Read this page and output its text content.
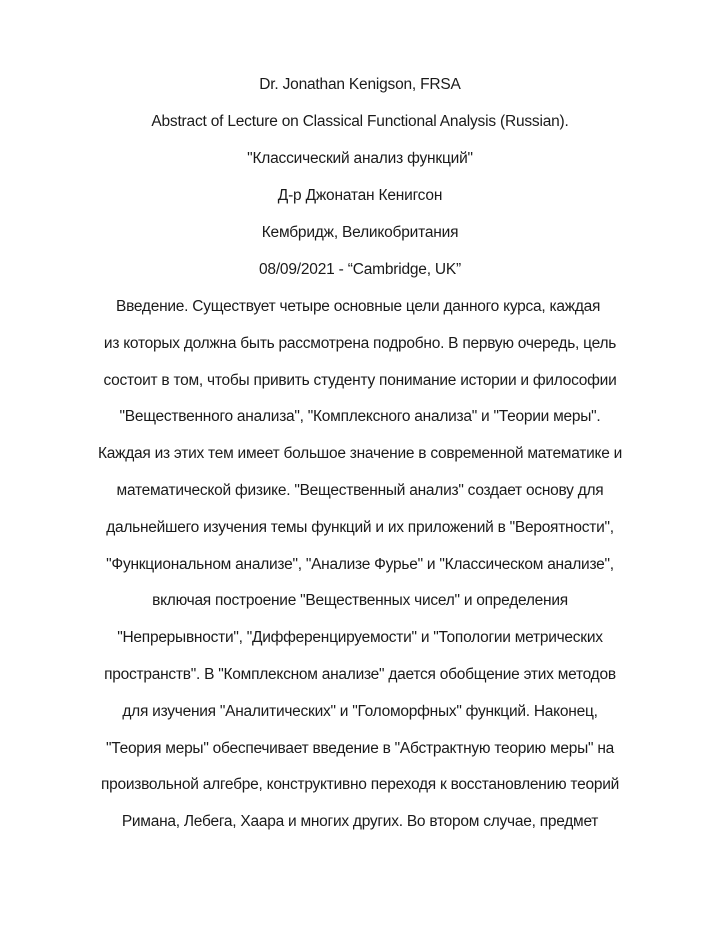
Dr. Jonathan Kenigson, FRSA
Abstract of Lecture on Classical Functional Analysis (Russian).
"Классический анализ функций"
Д-р Джонатан Кенигсон
Кембридж, Великобритания
08/09/2021 - “Cambridge, UK”
Введение. Существует четыре основные цели данного курса, каждая
из которых должна быть рассмотрена подробно. В первую очередь, цель
состоит в том, чтобы привить студенту понимание истории и философии
"Вещественного анализа", "Комплексного анализа" и "Теории меры".
Каждая из этих тем имеет большое значение в современной математике и
математической физике. "Вещественный анализ" создает основу для
дальнейшего изучения темы функций и их приложений в "Вероятности",
"Функциональном анализе", "Анализе Фурье" и "Классическом анализе",
включая построение "Вещественных чисел" и определения
"Непрерывности", "Дифференцируемости" и "Топологии метрических
пространств". В "Комплексном анализе" дается обобщение этих методов
для изучения "Аналитических" и "Голоморфных" функций. Наконец,
"Теория меры" обеспечивает введение в "Абстрактную теорию меры" на
произвольной алгебре, конструктивно переходя к восстановлению теорий
Римана, Лебега, Хаара и многих других. Во втором случае, предмет
